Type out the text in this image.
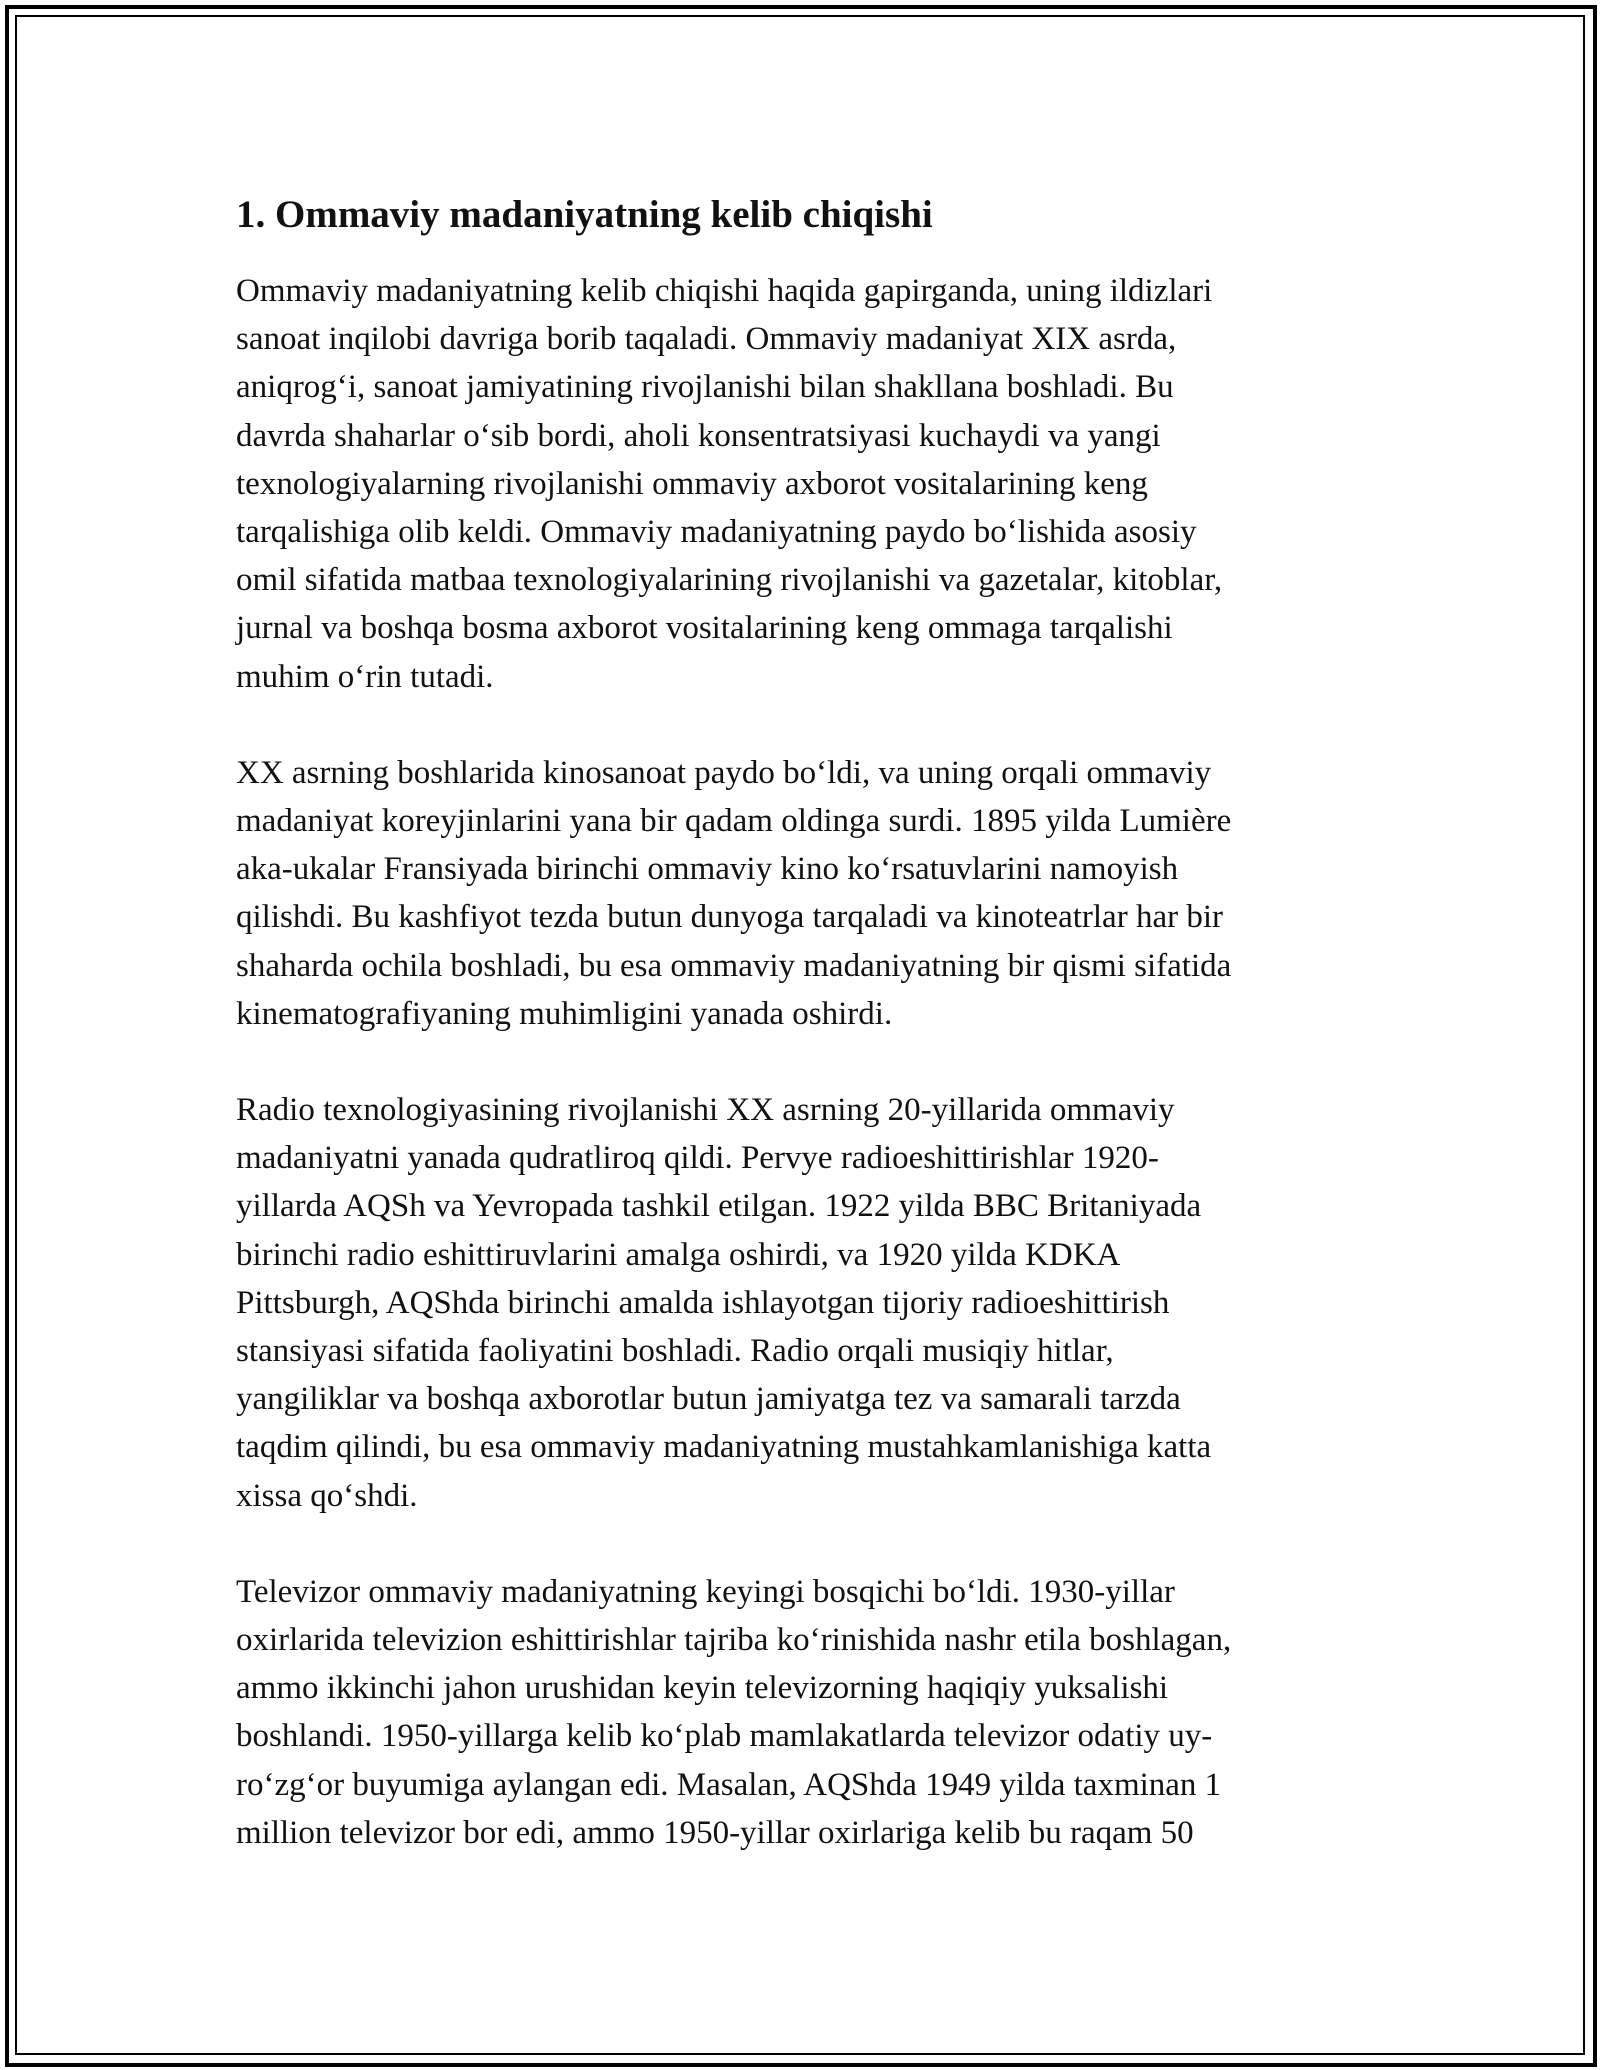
1. Ommaviy madaniyatning kelib chiqishi

Ommaviy madaniyatning kelib chiqishi haqida gapirganda, uning ildizlari
sanoat inqilobi davriga borib taqaladi. Ommaviy madaniyat XIX asrda,
aniqrog‘i, sanoat jamiyatining rivojlanishi bilan shakllana boshladi. Bu
davrda shaharlar o‘sib bordi, aholi konsentratsiyasi kuchaydi va yangi
texnologiyalarning rivojlanishi ommaviy axborot vositalarining keng
tarqalishiga olib keldi. Ommaviy madaniyatning paydo bo‘lishida asosiy
omil sifatida matbaa texnologiyalarining rivojlanishi va gazetalar, kitoblar,
jurnal va boshqa bosma axborot vositalarining keng ommaga tarqalishi
muhim o‘rin tutadi.

XX asrning boshlarida kinosanoat paydo bo‘ldi, va uning orqali ommaviy
madaniyat koreyjinlarini yana bir qadam oldinga surdi. 1895 yilda Lumière
aka-ukalar Fransiyada birinchi ommaviy kino ko‘rsatuvlarini namoyish
qilishdi. Bu kashfiyot tezda butun dunyoga tarqaladi va kinoteatrlar har bir
shaharda ochila boshladi, bu esa ommaviy madaniyatning bir qismi sifatida
kinematografiyaning muhimligini yanada oshirdi.

Radio texnologiyasining rivojlanishi XX asrning 20-yillarida ommaviy
madaniyatni yanada qudratliroq qildi. Pervye radioeshittirishlar 1920-
yillarda AQSh va Yevropada tashkil etilgan. 1922 yilda BBC Britaniyada
birinchi radio eshittiruvlarini amalga oshirdi, va 1920 yilda KDKA
Pittsburgh, AQShda birinchi amalda ishlayotgan tijoriy radioeshittirish
stansiyasi sifatida faoliyatini boshladi. Radio orqali musiqiy hitlar,
yangiliklar va boshqa axborotlar butun jamiyatga tez va samarali tarzda
taqdim qilindi, bu esa ommaviy madaniyatning mustahkamlanishiga katta
xissa qo‘shdi.

Televizor ommaviy madaniyatning keyingi bosqichi bo‘ldi. 1930-yillar
oxirlarida televizion eshittirishlar tajriba ko‘rinishida nashr etila boshlagan,
ammo ikkinchi jahon urushidan keyin televizorning haqiqiy yuksalishi
boshlandi. 1950-yillarga kelib ko‘plab mamlakatlarda televizor odatiy uy-
ro‘zg‘or buyumiga aylangan edi. Masalan, AQShda 1949 yilda taxminan 1
million televizor bor edi, ammo 1950-yillar oxirlariga kelib bu raqam 50
